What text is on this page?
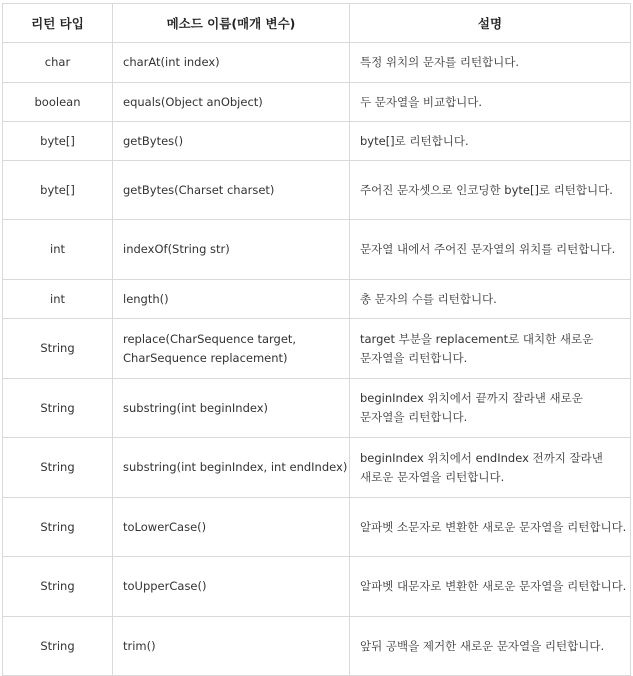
리턴 타입	메소드 이름(매개 변수)	설명
char	charAt(int index)	특정 위치의 문자를 리턴합니다.
boolean	equals(Object anObject)	두 문자열을 비교합니다.
byte[]	getBytes()	byte[]로 리턴합니다.
byte[]	getBytes(Charset charset)	주어진 문자셋으로 인코딩한 byte[]로 리턴합니다.
int	indexOf(String str)	문자열 내에서 주어진 문자열의 위치를 리턴합니다.
int	length()	총 문자의 수를 리턴합니다.
String	replace(CharSequence target, CharSequence replacement)	target 부분을 replacement로 대치한 새로운 문자열을 리턴합니다.
String	substring(int beginIndex)	beginIndex 위치에서 끝까지 잘라낸 새로운 문자열을 리턴합니다.
String	substring(int beginIndex, int endIndex)	beginIndex 위치에서 endIndex 전까지 잘라낸 새로운 문자열을 리턴합니다.
String	toLowerCase()	알파벳 소문자로 변환한 새로운 문자열을 리턴합니다.
String	toUpperCase()	알파벳 대문자로 변환한 새로운 문자열을 리턴합니다.
String	trim()	앞뒤 공백을 제거한 새로운 문자열을 리턴합니다.
